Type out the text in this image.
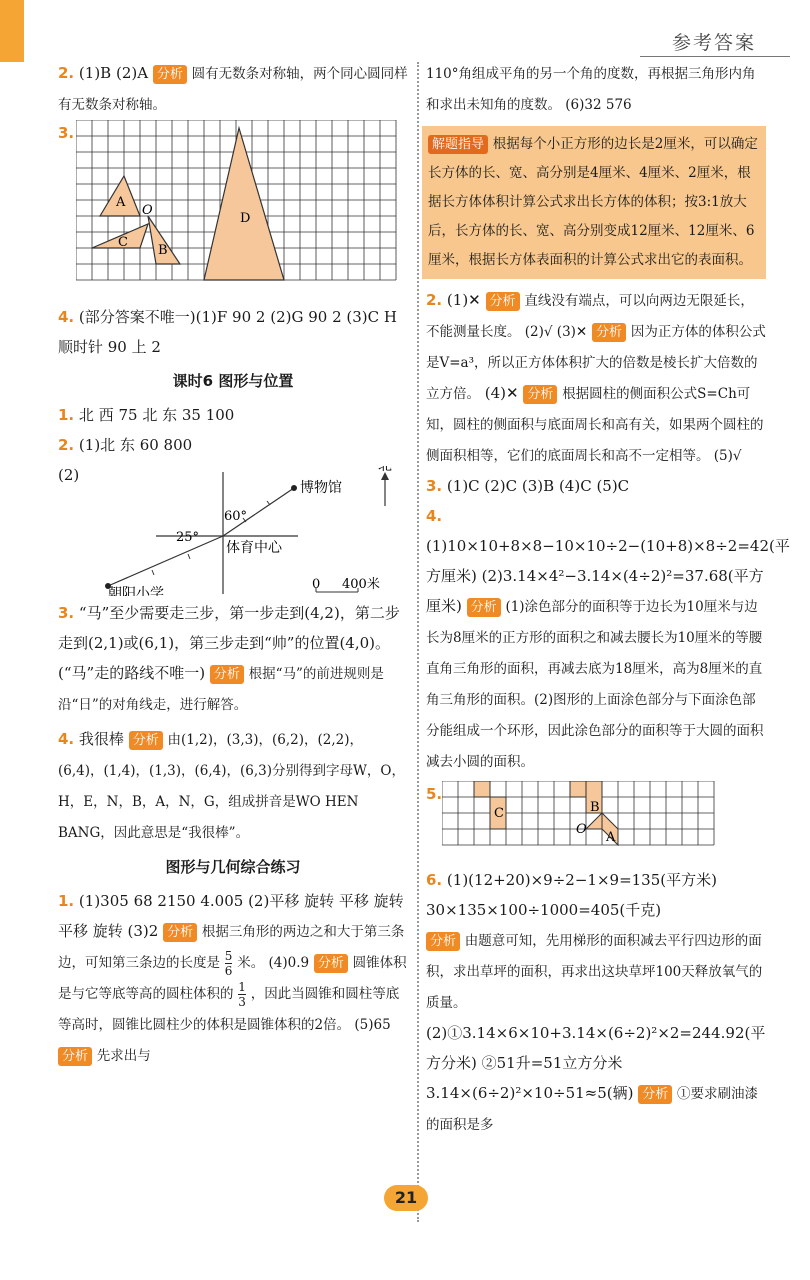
参考答案

2. (1)B (2)A 分析 圆有无数条对称轴，两个同心圆同样有无数条对称轴。

3.
D
A
B
C
O

4. (部分答案不唯一)(1)F 90 2 (2)G 90 2 (3)C H 顺时针 90 上 2

课时6 图形与位置

1. 北 西 75 北 东 35 100

2. (1)北 东 60 800
(2)	北
博物馆
60°
25°
体育中心
朝阳小学
0 400米

3. “马”至少需要走三步，第一步走到(4,2)，第二步走到(2,1)或(6,1)，第三步走到“帅”的位置(4,0)。(“马”走的路线不唯一) 分析 根据“马”的前进规则是沿“日”的对角线走，进行解答。

4. 我很棒 分析 由(1,2)，(3,3)，(6,2)，(2,2)，(6,4)，(1,4)，(1,3)，(6,4)，(6,3)分别得到字母W，O，H，E，N，B，A，N，G，组成拼音是WO HEN BANG，因此意思是“我很棒”。

图形与几何综合练习

1. (1)305 68 2150 4.005 (2)平移 旋转 平移 旋转 平移 旋转 (3)2 分析 根据三角形的两边之和大于第三条边，可知第三条边的长度是 $\frac{5}{6}$ 米。 (4)0.9 分析 圆锥体积是与它等底等高的圆柱体积的 $\frac{1}{3}$ ，因此当圆锥和圆柱等底等高时，圆锥比圆柱少的体积是圆锥体积的2倍。 (5)65 分析 先求出与

110°角组成平角的另一个角的度数，再根据三角形内角和求出未知角的度数。 (6)32 576

解题指导 根据每个小正方形的边长是2厘米，可以确定长方体的长、宽、高分别是4厘米、4厘米、2厘米，根据长方体体积计算公式求出长方体的体积；按3:1放大后，长方体的长、宽、高分别变成12厘米、12厘米、6厘米，根据长方体表面积的计算公式求出它的表面积。

2. (1)✕ 分析 直线没有端点，可以向两边无限延长，不能测量长度。 (2)√ (3)✕ 分析 因为正方体的体积公式是V=a³，所以正方体体积扩大的倍数是棱长扩大倍数的立方倍。 (4)✕ 分析 根据圆柱的侧面积公式S=Ch可知，圆柱的侧面积与底面周长和高有关，如果两个圆柱的侧面积相等，它们的底面周长和高不一定相等。 (5)√

3. (1)C (2)C (3)B (4)C (5)C

4. (1)10×10+8×8−10×10÷2−(10+8)×8÷2=42(平方厘米) (2)3.14×4²−3.14×(4÷2)²=37.68(平方厘米) 分析 (1)涂色部分的面积等于边长为10厘米与边长为8厘米的正方形的面积之和减去腰长为10厘米的等腰直角三角形的面积，再减去底为18厘米，高为8厘米的直角三角形的面积。(2)图形的上面涂色部分与下面涂色部分能组成一个环形，因此涂色部分的面积等于大圆的面积减去小圆的面积。

5.
C	B
A
O

6. (1)(12+20)×9÷2−1×9=135(平方米)
30×135×100÷1000=405(千克)
分析 由题意可知，先用梯形的面积减去平行四边形的面积，求出草坪的面积，再求出这块草坪100天释放氧气的质量。 (2)①3.14×6×10+3.14×(6÷2)²×2=244.92(平方分米) ②51升=51立方分米 3.14×(6÷2)²×10÷51≈5(辆) 分析 ①要求刷油漆的面积是多

21
